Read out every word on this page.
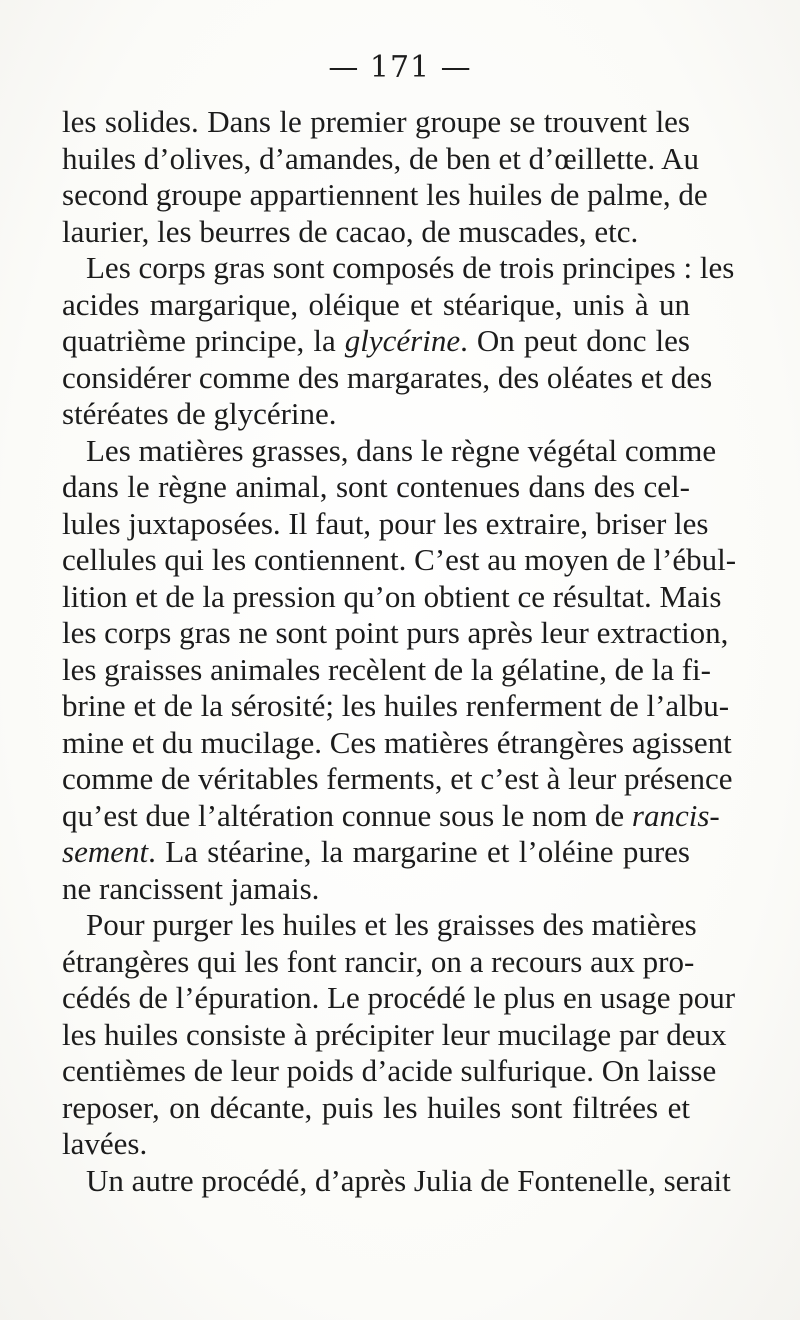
— 171 —
les solides. Dans le premier groupe se trouvent les
huiles d’olives, d’amandes, de ben et d’œillette. Au
second groupe appartiennent les huiles de palme, de
laurier, les beurres de cacao, de muscades, etc.
Les corps gras sont composés de trois principes : les
acides margarique, oléique et stéarique, unis à un
quatrième principe, la glycérine. On peut donc les
considérer comme des margarates, des oléates et des
stéréates de glycérine.
Les matières grasses, dans le règne végétal comme
dans le règne animal, sont contenues dans des cel-
lules juxtaposées. Il faut, pour les extraire, briser les
cellules qui les contiennent. C’est au moyen de l’ébul-
lition et de la pression qu’on obtient ce résultat. Mais
les corps gras ne sont point purs après leur extraction,
les graisses animales recèlent de la gélatine, de la fi-
brine et de la sérosité; les huiles renferment de l’albu-
mine et du mucilage. Ces matières étrangères agissent
comme de véritables ferments, et c’est à leur présence
qu’est due l’altération connue sous le nom de rancis-
sement. La stéarine, la margarine et l’oléine pures
ne rancissent jamais.
Pour purger les huiles et les graisses des matières
étrangères qui les font rancir, on a recours aux pro-
cédés de l’épuration. Le procédé le plus en usage pour
les huiles consiste à précipiter leur mucilage par deux
centièmes de leur poids d’acide sulfurique. On laisse
reposer, on décante, puis les huiles sont filtrées et
lavées.
Un autre procédé, d’après Julia de Fontenelle, serait
